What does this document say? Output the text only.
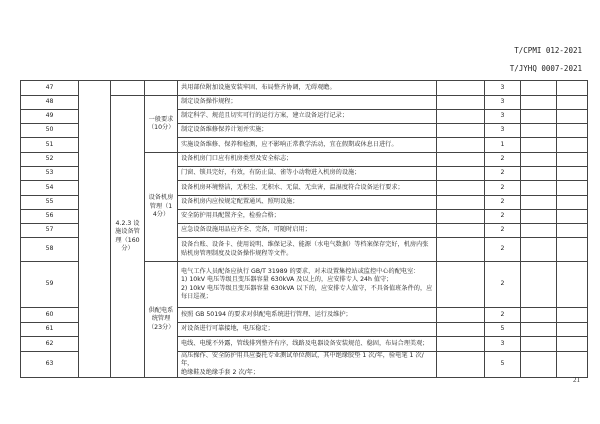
T/CPMI 012-2021
T/JYHQ 0007-2021
47				共用部位附加设施安装牢固、布局整齐协调，无碍观瞻。		3		
48		4.2.3 设施设备管理（160分）	一般要求（10分）	制定设备操作规程；		3		
49				制定科学、规范且切实可行的运行方案，建立设备运行记录；		3		
50				制定设备维修保养计划并实施；		3		
51				实施设备维修、保养和检测，应不影响正常教学活动，宜在假期或休息日进行。		1		
52			设备机房管理（14分）	设备机房门口应有机房类型及安全标志；		2		
53				门窗、锁具完好，有效，有防止鼠、雀等小动物进入机房的设施；		2		
54				设备机房环境整洁，无积尘、无积水、无鼠、无虫害，温湿度符合设备运行要求；		2		
55				设备机房内应按规定配置通风、照明设施；		2		
56				安全防护用具配置齐全，检验合格；		2		
57				应急设备设施用品应齐全、完备，可随时启用；		2		
58				设备台账、设备卡、使用说明、维保记录、能源（水电气数据）等档案保存完好，机房内张贴机房管理制度及设备操作规程等文件。		2		
59			供配电系统管理（23分）	电气工作人员配备应执行 GB/T 31989 的要求，对未设置集控站或监控中心的配电室：
1) 10kV 电压等级且变压器容量 630kVA 及以上的，应安排专人 24h 值守；
2) 10kV 电压等级且变压器容量 630kVA 以下的，应安排专人值守，不具备值班条件的，应每日巡视；		2		
60				按照 GB 50194 的要求对供配电系统进行管理、运行及维护；		2		
61				对设备进行可靠接地，电压稳定；		5		
62				电线、电缆不外露，管线排列整齐有序，线路及电器设备安装规范、稳固，布局合理美观；		3		
63				高压操作、安全防护用具应委托专业测试单位测试，其中绝缘胶垫 1 次/年，验电笔 1 次/年，
绝缘鞋及绝缘手套 2 次/年；		5		
21
